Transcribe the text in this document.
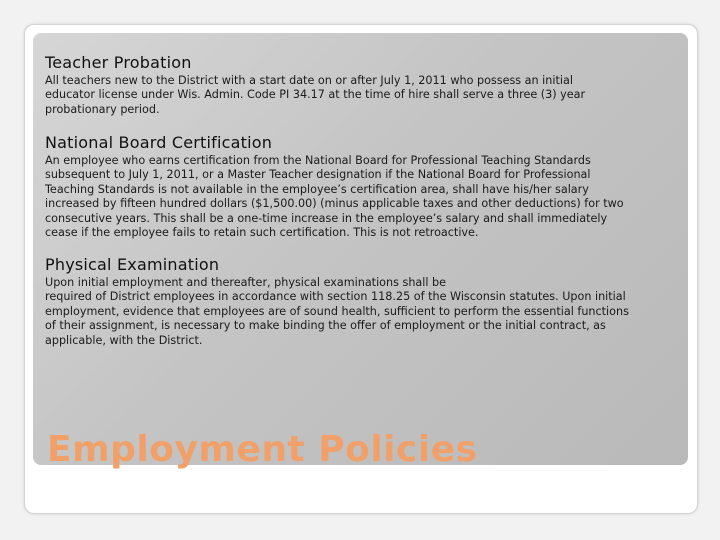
Teacher Probation

All teachers new to the District with a start date on or after July 1, 2011 who possess an initial
educator license under Wis. Admin. Code PI 34.17 at the time of hire shall serve a three (3) year
probationary period.

National Board Certification

An employee who earns certification from the National Board for Professional Teaching Standards
subsequent to July 1, 2011, or a Master Teacher designation if the National Board for Professional
Teaching Standards is not available in the employee’s certification area, shall have his/her salary
increased by fifteen hundred dollars ($1,500.00) (minus applicable taxes and other deductions) for two
consecutive years. This shall be a one-time increase in the employee’s salary and shall immediately
cease if the employee fails to retain such certification. This is not retroactive.

Physical Examination

Upon initial employment and thereafter, physical examinations shall be
required of District employees in accordance with section 118.25 of the Wisconsin statutes. Upon initial
employment, evidence that employees are of sound health, sufficient to perform the essential functions
of their assignment, is necessary to make binding the offer of employment or the initial contract, as
applicable, with the District.

Employment Policies
